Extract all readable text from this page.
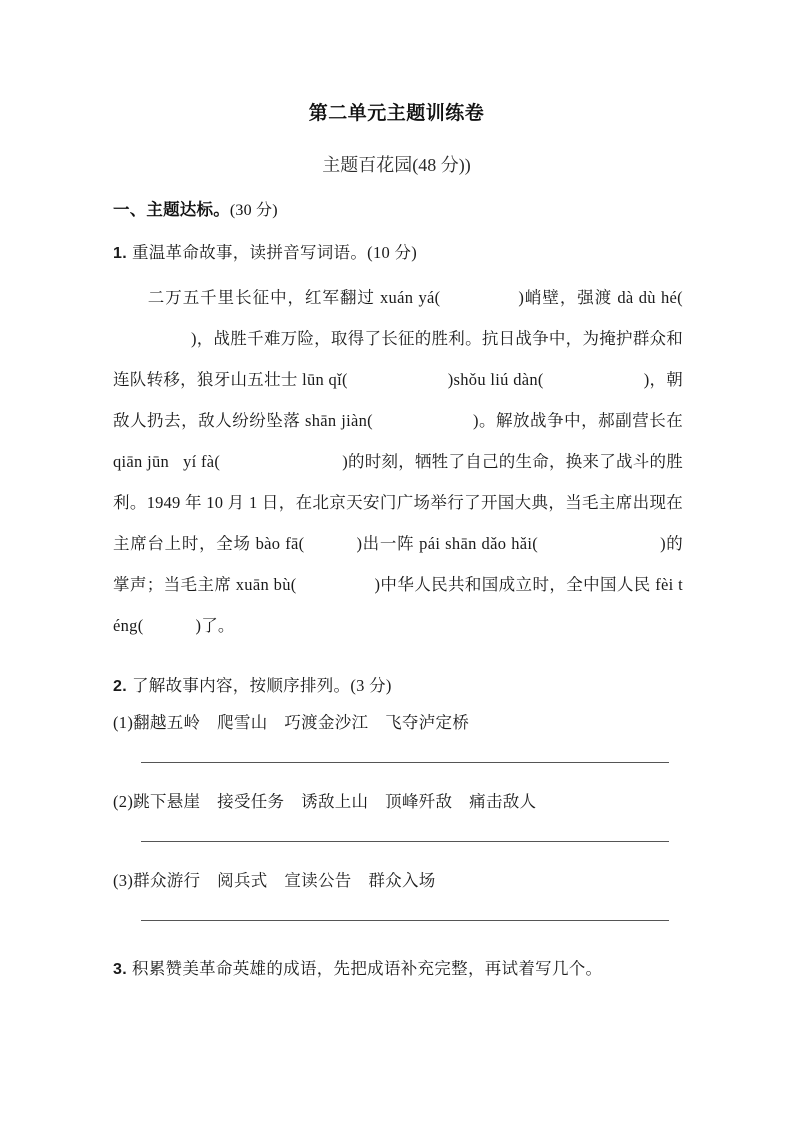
第二单元主题训练卷
主题百花园(48 分))

一、主题达标。(30 分)

1. 重温革命故事，读拼音写词语。(10 分)

二万五千里长征中，红军翻过 xuán yá(	)峭壁，强渡 dà dù hé()，战胜千难万险，取得了长征的胜利。抗日战争中，为掩护群众和连队转移，狼牙山五壮士 lūn qǐ(	)shǒu liú dàn(	)，朝敌人扔去，敌人纷纷坠落 shān jiàn(	)。解放战争中，郝副营长在 qiān jūn yí fà(	)的时刻，牺牲了自己的生命，换来了战斗的胜利。1949 年 10 月 1 日，在北京天安门广场举行了开国大典，当毛主席出现在主席台上时，全场 bào fā(	)出一阵 pái shān dǎo hǎi(	)的掌声；当毛主席 xuān bù(	)中华人民共和国成立时，全中国人民 fèi téng(	)了。

2. 了解故事内容，按顺序排列。(3 分)

(1)翻越五岭　爬雪山　巧渡金沙江　飞夺泸定桥

(2)跳下悬崖　接受任务　诱敌上山　顶峰歼敌　痛击敌人

(3)群众游行　阅兵式　宣读公告　群众入场

3. 积累赞美革命英雄的成语，先把成语补充完整，再试着写几个。
